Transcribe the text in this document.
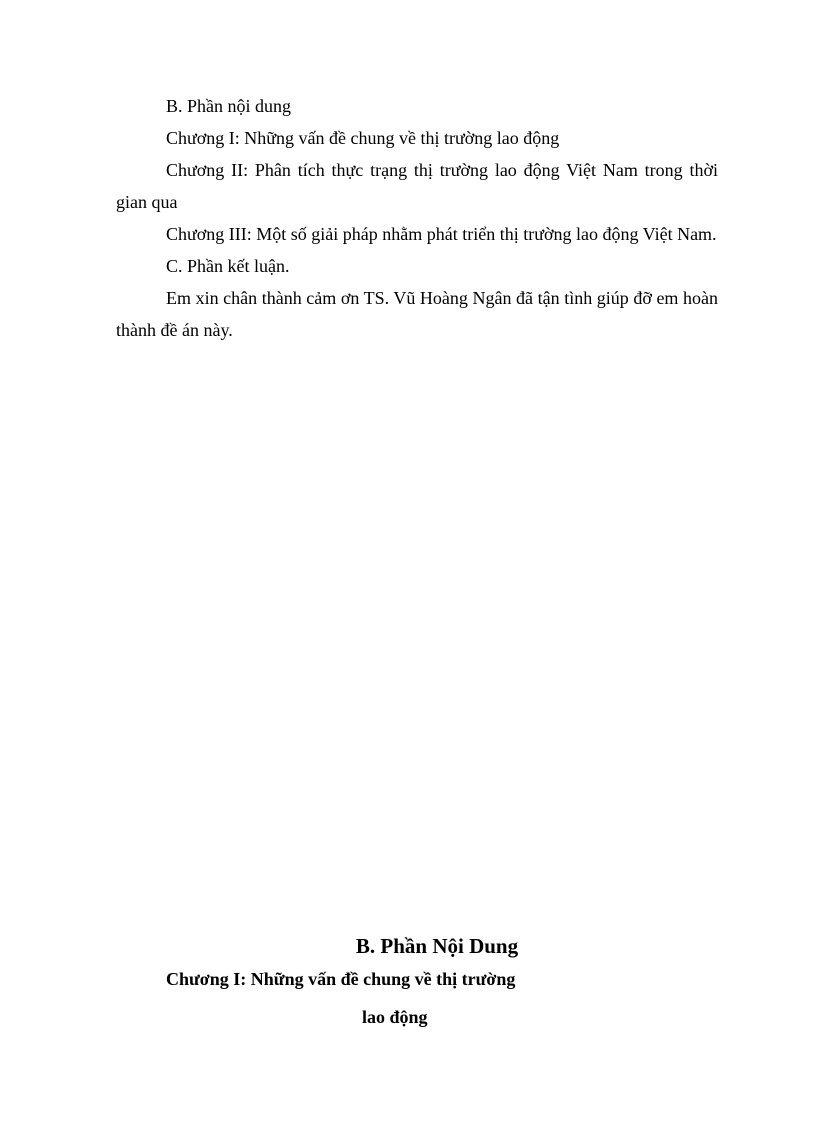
B. Phần nội dung

Chương I: Những vấn đề chung về thị trường lao động

Chương II: Phân tích thực trạng thị trường lao động Việt Nam trong thời gian qua

Chương III: Một số giải pháp nhằm phát triển thị trường lao động Việt Nam.

C. Phần kết luận.

Em xin chân thành cảm ơn TS. Vũ Hoàng Ngân đã tận tình giúp đỡ em hoàn thành đề án này.

B. Phần Nội Dung
Chương I: Những vấn đề chung về thị trường
lao động
